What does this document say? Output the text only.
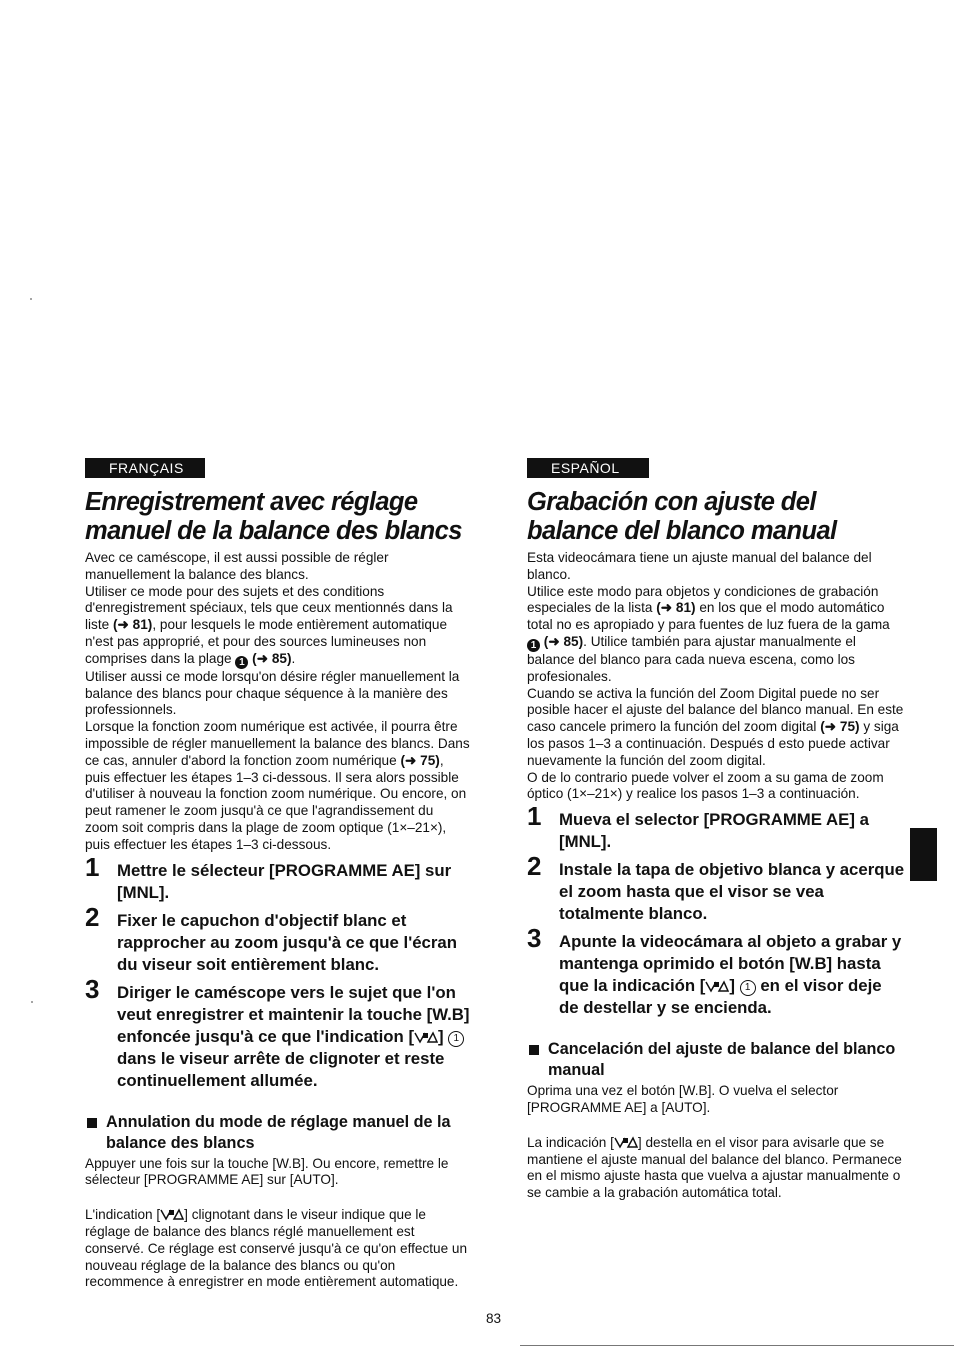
FRANÇAIS
Enregistrement avec réglage manuel de la balance des blancs

Avec ce caméscope, il est aussi possible de régler manuellement la balance des blancs.

Utiliser ce mode pour des sujets et des conditions d'enregistrement spéciaux, tels que ceux mentionnés dans la liste (➜ 81), pour lesquels le mode entièrement automatique n'est pas approprié, et pour des sources lumineuses non comprises dans la plage 1 (➜ 85).

Utiliser aussi ce mode lorsqu'on désire régler manuellement la balance des blancs pour chaque séquence à la manière des professionnels.

Lorsque la fonction zoom numérique est activée, il pourra être impossible de régler manuellement la balance des blancs. Dans ce cas, annuler d'abord la fonction zoom numérique (➜ 75), puis effectuer les étapes 1–3 ci-dessous. Il sera alors possible d'utiliser à nouveau la fonction zoom numérique. Ou encore, on peut ramener le zoom jusqu'à ce que l'agrandissement du zoom soit compris dans la plage de zoom optique (1×–21×), puis effectuer les étapes 1–3 ci-dessous.

1 Mettre le sélecteur [PROGRAMME AE] sur [MNL].
2 Fixer le capuchon d'objectif blanc et rapprocher au zoom jusqu'à ce que l'écran du viseur soit entièrement blanc.
3 Diriger le caméscope vers le sujet que l'on veut enregistrer et maintenir la touche [W.B] enfoncée jusqu'à ce que l'indication [ ] 1 dans le viseur arrête de clignoter et reste continuellement allumée.
Annulation du mode de réglage manuel de la balance des blancs

Appuyer une fois sur la touche [W.B]. Ou encore, remettre le sélecteur [PROGRAMME AE] sur [AUTO].

L'indication [ ] clignotant dans le viseur indique que le réglage de balance des blancs réglé manuellement est conservé. Ce réglage est conservé jusqu'à ce qu'on effectue un nouveau réglage de la balance des blancs ou qu'on recommence à enregistrer en mode entièrement automatique.

ESPAÑOL
Grabación con ajuste del balance del blanco manual

Esta videocámara tiene un ajuste manual del balance del blanco.

Utilice este modo para objetos y condiciones de grabación especiales de la lista (➜ 81) en los que el modo automático total no es apropiado y para fuentes de luz fuera de la gama 1 (➜ 85). Utilice también para ajustar manualmente el balance del blanco para cada nueva escena, como los profesionales.

Cuando se activa la función del Zoom Digital puede no ser posible hacer el ajuste del balance del blanco manual. En este caso cancele primero la función del zoom digital (➜ 75) y siga los pasos 1–3 a continuación. Después d esto puede activar nuevamente la función del zoom digital.

O de lo contrario puede volver el zoom a su gama de zoom óptico (1×–21×) y realice los pasos 1–3 a continuación.

1 Mueva el selector [PROGRAMME AE] a [MNL].
2 Instale la tapa de objetivo blanca y acerque el zoom hasta que el visor se vea totalmente blanco.
3 Apunte la videocámara al objeto a grabar y mantenga oprimido el botón [W.B] hasta que la indicación [ ] 1 en el visor deje de destellar y se encienda.
Cancelación del ajuste de balance del blanco manual

Oprima una vez el botón [W.B]. O vuelva el selector [PROGRAMME AE] a [AUTO].

La indicación [ ] destella en el visor para avisarle que se mantiene el ajuste manual del balance del blanco. Permanece en el mismo ajuste hasta que vuelva a ajustar manualmente o se cambie a la grabación automática total.

83
